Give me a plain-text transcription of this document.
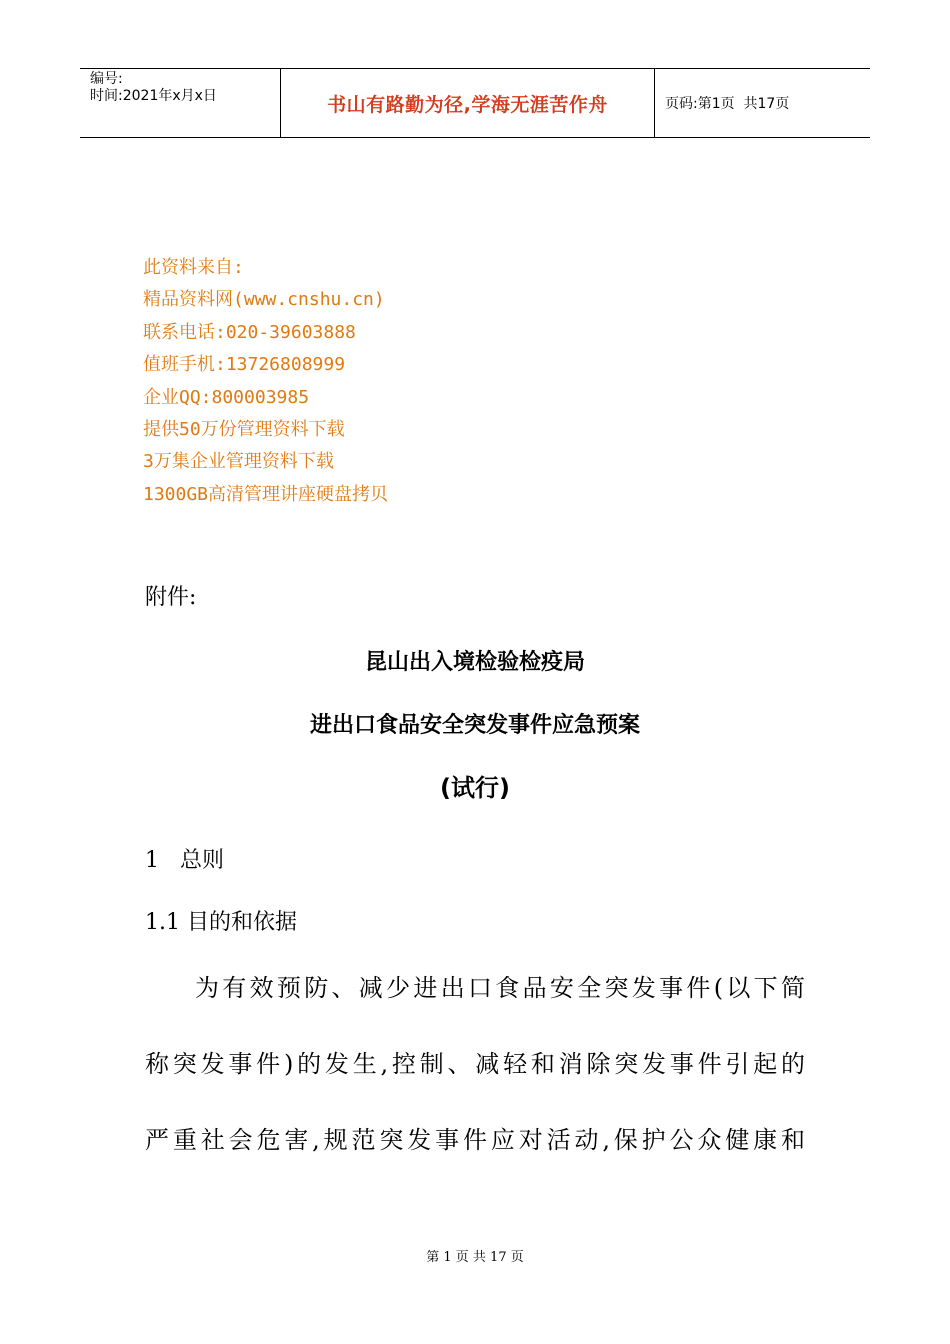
编号:
时间:2021年x月x日	书山有路勤为径,学海无涯苦作舟	页码:第1页  共17页
此资料来自:
精品资料网(www.cnshu.cn)
联系电话:020-39603888
值班手机:13726808999
企业QQ:800003985
提供50万份管理资料下载
3万集企业管理资料下载
1300GB高清管理讲座硬盘拷贝
附件:
昆山出入境检验检疫局
进出口食品安全突发事件应急预案
(试行)
1   总则
1.1 目的和依据
为有效预防、减少进出口食品安全突发事件(以下简
称突发事件)的发生,控制、减轻和消除突发事件引起的
严重社会危害,规范突发事件应对活动,保护公众健康和
第 1 页 共 17 页
